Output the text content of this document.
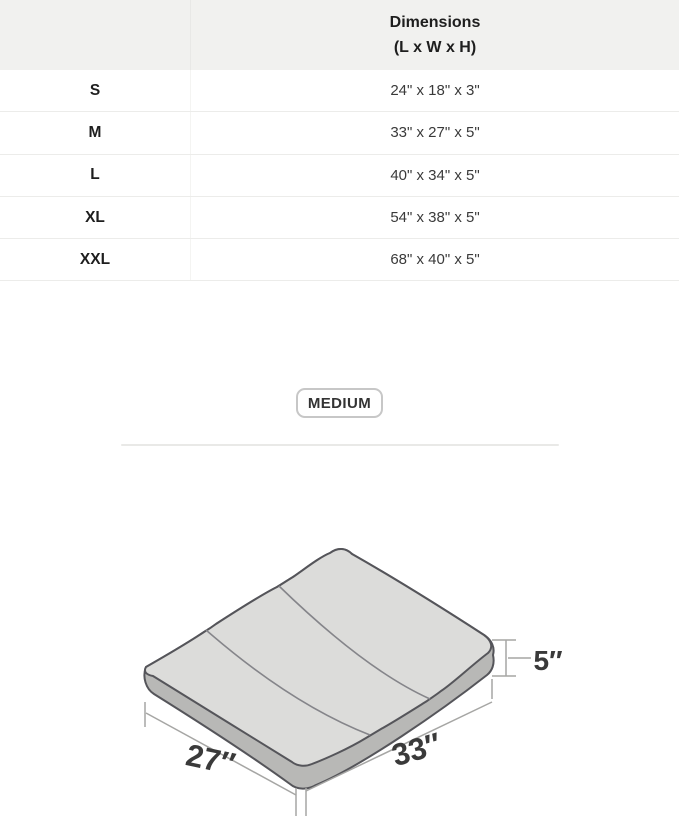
Dimensions
(L x W x H)
S	24" x 18" x 3"
M	33" x 27" x 5"
L	40" x 34" x 5"
XL	54" x 38" x 5"
XXL	68" x 40" x 5"
MEDIUM
27″	33″
5″
